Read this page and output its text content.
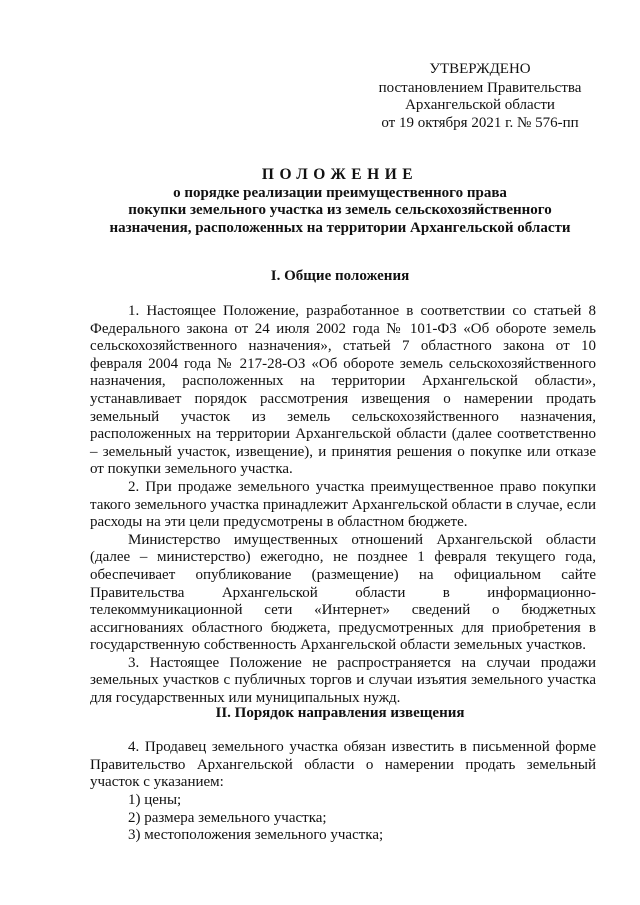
УТВЕРЖДЕНО
постановлением Правительства
Архангельской области
от 19 октября 2021 г. № 576-пп
ПОЛОЖЕНИЕ
о порядке реализации преимущественного права
покупки земельного участка из земель сельскохозяйственного
назначения, расположенных на территории Архангельской области
I. Общие положения

1. Настоящее Положение, разработанное в соответствии со статьей 8 Федерального закона от 24 июля 2002 года № 101-ФЗ «Об обороте земель сельскохозяйственного назначения», статьей 7 областного закона от 10 февраля 2004 года № 217-28-ОЗ «Об обороте земель сельскохозяйственного назначения, расположенных на территории Архангельской области», устанавливает порядок рассмотрения извещения о намерении продать земельный участок из земель сельскохозяйственного назначения, расположенных на территории Архангельской области (далее соответственно – земельный участок, извещение), и принятия решения о покупке или отказе от покупки земельного участка.

2. При продаже земельного участка преимущественное право покупки такого земельного участка принадлежит Архангельской области в случае, если расходы на эти цели предусмотрены в областном бюджете.

Министерство имущественных отношений Архангельской области (далее – министерство) ежегодно, не позднее 1 февраля текущего года, обеспечивает опубликование (размещение) на официальном сайте Правительства Архангельской области в информационно-телекоммуникационной сети «Интернет» сведений о бюджетных ассигнованиях областного бюджета, предусмотренных для приобретения в государственную собственность Архангельской области земельных участков.

3. Настоящее Положение не распространяется на случаи продажи земельных участков с публичных торгов и случаи изъятия земельного участка для государственных или муниципальных нужд.

II. Порядок направления извещения

4. Продавец земельного участка обязан известить в письменной форме Правительство Архангельской области о намерении продать земельный участок с указанием:

1) цены;
2) размера земельного участка;
3) местоположения земельного участка;
